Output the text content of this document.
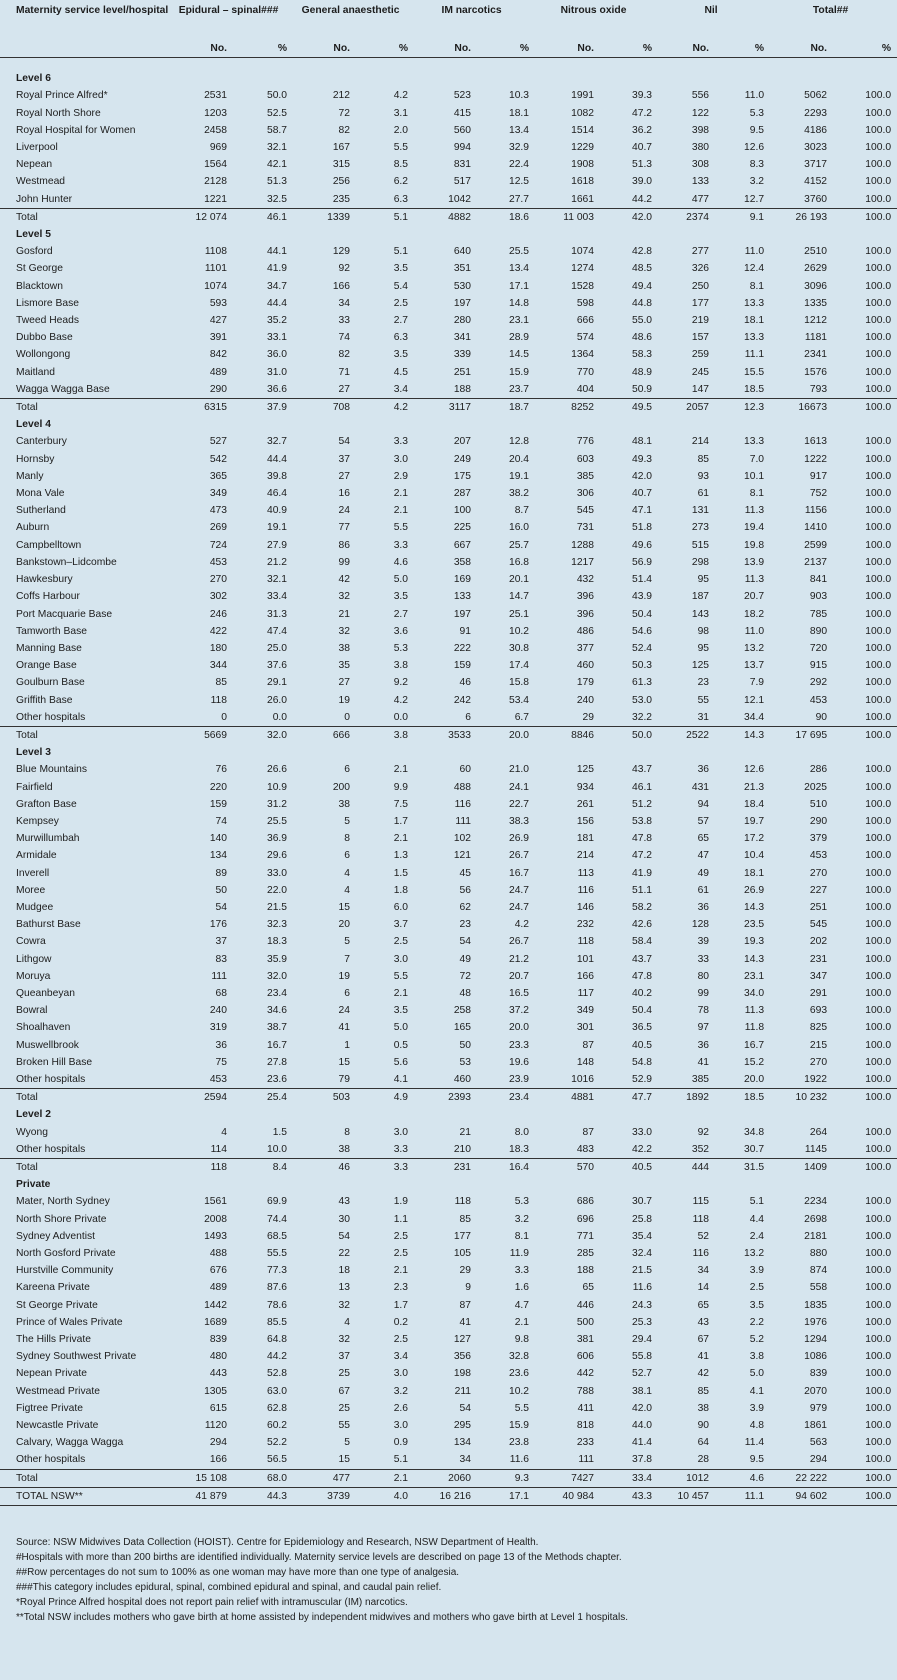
Maternity service level/hospital	Epidural – spinal###		General anaesthetic		IM narcotics		Nitrous oxide		Nil		Total##	
	No.	%	No.	%	No.	%	No.	%	No.	%	No.	%

Level 6												
Royal Prince Alfred*	2531	50.0	212	4.2	523	10.3	1991	39.3	556	11.0	5062	100.0
Royal North Shore	1203	52.5	72	3.1	415	18.1	1082	47.2	122	5.3	2293	100.0
Royal Hospital for Women	2458	58.7	82	2.0	560	13.4	1514	36.2	398	9.5	4186	100.0
Liverpool	969	32.1	167	5.5	994	32.9	1229	40.7	380	12.6	3023	100.0
Nepean	1564	42.1	315	8.5	831	22.4	1908	51.3	308	8.3	3717	100.0
Westmead	2128	51.3	256	6.2	517	12.5	1618	39.0	133	3.2	4152	100.0
John Hunter	1221	32.5	235	6.3	1042	27.7	1661	44.2	477	12.7	3760	100.0
Total	12 074	46.1	1339	5.1	4882	18.6	11 003	42.0	2374	9.1	26 193	100.0
Level 5												
Gosford	1108	44.1	129	5.1	640	25.5	1074	42.8	277	11.0	2510	100.0
St George	1101	41.9	92	3.5	351	13.4	1274	48.5	326	12.4	2629	100.0
Blacktown	1074	34.7	166	5.4	530	17.1	1528	49.4	250	8.1	3096	100.0
Lismore Base	593	44.4	34	2.5	197	14.8	598	44.8	177	13.3	1335	100.0
Tweed Heads	427	35.2	33	2.7	280	23.1	666	55.0	219	18.1	1212	100.0
Dubbo Base	391	33.1	74	6.3	341	28.9	574	48.6	157	13.3	1181	100.0
Wollongong	842	36.0	82	3.5	339	14.5	1364	58.3	259	11.1	2341	100.0
Maitland	489	31.0	71	4.5	251	15.9	770	48.9	245	15.5	1576	100.0
Wagga Wagga Base	290	36.6	27	3.4	188	23.7	404	50.9	147	18.5	793	100.0
Total	6315	37.9	708	4.2	3117	18.7	8252	49.5	2057	12.3	16673	100.0
Level 4												
Canterbury	527	32.7	54	3.3	207	12.8	776	48.1	214	13.3	1613	100.0
Hornsby	542	44.4	37	3.0	249	20.4	603	49.3	85	7.0	1222	100.0
Manly	365	39.8	27	2.9	175	19.1	385	42.0	93	10.1	917	100.0
Mona Vale	349	46.4	16	2.1	287	38.2	306	40.7	61	8.1	752	100.0
Sutherland	473	40.9	24	2.1	100	8.7	545	47.1	131	11.3	1156	100.0
Auburn	269	19.1	77	5.5	225	16.0	731	51.8	273	19.4	1410	100.0
Campbelltown	724	27.9	86	3.3	667	25.7	1288	49.6	515	19.8	2599	100.0
Bankstown–Lidcombe	453	21.2	99	4.6	358	16.8	1217	56.9	298	13.9	2137	100.0
Hawkesbury	270	32.1	42	5.0	169	20.1	432	51.4	95	11.3	841	100.0
Coffs Harbour	302	33.4	32	3.5	133	14.7	396	43.9	187	20.7	903	100.0
Port Macquarie Base	246	31.3	21	2.7	197	25.1	396	50.4	143	18.2	785	100.0
Tamworth Base	422	47.4	32	3.6	91	10.2	486	54.6	98	11.0	890	100.0
Manning Base	180	25.0	38	5.3	222	30.8	377	52.4	95	13.2	720	100.0
Orange Base	344	37.6	35	3.8	159	17.4	460	50.3	125	13.7	915	100.0
Goulburn Base	85	29.1	27	9.2	46	15.8	179	61.3	23	7.9	292	100.0
Griffith Base	118	26.0	19	4.2	242	53.4	240	53.0	55	12.1	453	100.0
Other hospitals	0	0.0	0	0.0	6	6.7	29	32.2	31	34.4	90	100.0
Total	5669	32.0	666	3.8	3533	20.0	8846	50.0	2522	14.3	17 695	100.0
Level 3												
Blue Mountains	76	26.6	6	2.1	60	21.0	125	43.7	36	12.6	286	100.0
Fairfield	220	10.9	200	9.9	488	24.1	934	46.1	431	21.3	2025	100.0
Grafton Base	159	31.2	38	7.5	116	22.7	261	51.2	94	18.4	510	100.0
Kempsey	74	25.5	5	1.7	111	38.3	156	53.8	57	19.7	290	100.0
Murwillumbah	140	36.9	8	2.1	102	26.9	181	47.8	65	17.2	379	100.0
Armidale	134	29.6	6	1.3	121	26.7	214	47.2	47	10.4	453	100.0
Inverell	89	33.0	4	1.5	45	16.7	113	41.9	49	18.1	270	100.0
Moree	50	22.0	4	1.8	56	24.7	116	51.1	61	26.9	227	100.0
Mudgee	54	21.5	15	6.0	62	24.7	146	58.2	36	14.3	251	100.0
Bathurst Base	176	32.3	20	3.7	23	4.2	232	42.6	128	23.5	545	100.0
Cowra	37	18.3	5	2.5	54	26.7	118	58.4	39	19.3	202	100.0
Lithgow	83	35.9	7	3.0	49	21.2	101	43.7	33	14.3	231	100.0
Moruya	111	32.0	19	5.5	72	20.7	166	47.8	80	23.1	347	100.0
Queanbeyan	68	23.4	6	2.1	48	16.5	117	40.2	99	34.0	291	100.0
Bowral	240	34.6	24	3.5	258	37.2	349	50.4	78	11.3	693	100.0
Shoalhaven	319	38.7	41	5.0	165	20.0	301	36.5	97	11.8	825	100.0
Muswellbrook	36	16.7	1	0.5	50	23.3	87	40.5	36	16.7	215	100.0
Broken Hill Base	75	27.8	15	5.6	53	19.6	148	54.8	41	15.2	270	100.0
Other hospitals	453	23.6	79	4.1	460	23.9	1016	52.9	385	20.0	1922	100.0
Total	2594	25.4	503	4.9	2393	23.4	4881	47.7	1892	18.5	10 232	100.0
Level 2												
Wyong	4	1.5	8	3.0	21	8.0	87	33.0	92	34.8	264	100.0
Other hospitals	114	10.0	38	3.3	210	18.3	483	42.2	352	30.7	1145	100.0
Total	118	8.4	46	3.3	231	16.4	570	40.5	444	31.5	1409	100.0
Private												
Mater, North Sydney	1561	69.9	43	1.9	118	5.3	686	30.7	115	5.1	2234	100.0
North Shore Private	2008	74.4	30	1.1	85	3.2	696	25.8	118	4.4	2698	100.0
Sydney Adventist	1493	68.5	54	2.5	177	8.1	771	35.4	52	2.4	2181	100.0
North Gosford Private	488	55.5	22	2.5	105	11.9	285	32.4	116	13.2	880	100.0
Hurstville Community	676	77.3	18	2.1	29	3.3	188	21.5	34	3.9	874	100.0
Kareena Private	489	87.6	13	2.3	9	1.6	65	11.6	14	2.5	558	100.0
St George Private	1442	78.6	32	1.7	87	4.7	446	24.3	65	3.5	1835	100.0
Prince of Wales Private	1689	85.5	4	0.2	41	2.1	500	25.3	43	2.2	1976	100.0
The Hills Private	839	64.8	32	2.5	127	9.8	381	29.4	67	5.2	1294	100.0
Sydney Southwest Private	480	44.2	37	3.4	356	32.8	606	55.8	41	3.8	1086	100.0
Nepean Private	443	52.8	25	3.0	198	23.6	442	52.7	42	5.0	839	100.0
Westmead Private	1305	63.0	67	3.2	211	10.2	788	38.1	85	4.1	2070	100.0
Figtree Private	615	62.8	25	2.6	54	5.5	411	42.0	38	3.9	979	100.0
Newcastle Private	1120	60.2	55	3.0	295	15.9	818	44.0	90	4.8	1861	100.0
Calvary, Wagga Wagga	294	52.2	5	0.9	134	23.8	233	41.4	64	11.4	563	100.0
Other hospitals	166	56.5	15	5.1	34	11.6	111	37.8	28	9.5	294	100.0
Total	15 108	68.0	477	2.1	2060	9.3	7427	33.4	1012	4.6	22 222	100.0
TOTAL NSW**	41 879	44.3	3739	4.0	16 216	17.1	40 984	43.3	10 457	11.1	94 602	100.0
Source: NSW Midwives Data Collection (HOIST). Centre for Epidemiology and Research, NSW Department of Health.
#Hospitals with more than 200 births are identified individually. Maternity service levels are described on page 13 of the Methods chapter.
##Row percentages do not sum to 100% as one woman may have more than one type of analgesia.
###This category includes epidural, spinal, combined epidural and spinal, and caudal pain relief.
*Royal Prince Alfred hospital does not report pain relief with intramuscular (IM) narcotics.
**Total NSW includes mothers who gave birth at home assisted by independent midwives and mothers who gave birth at Level 1 hospitals.
